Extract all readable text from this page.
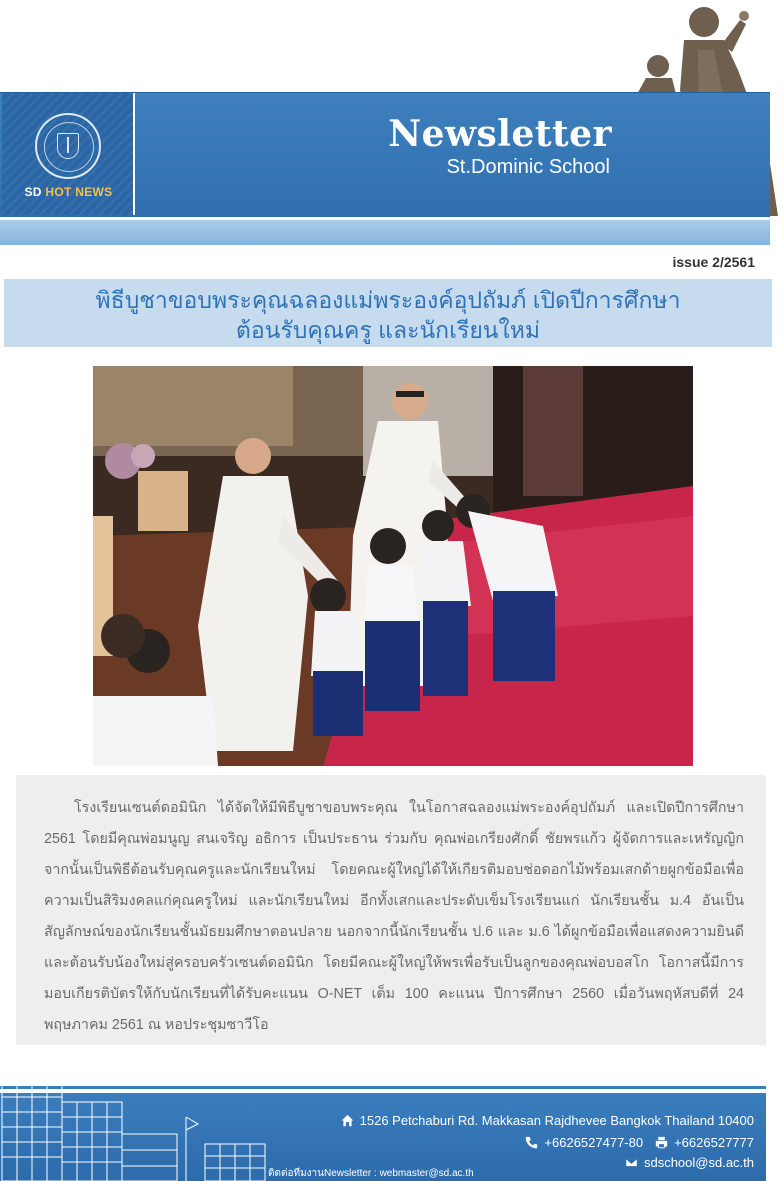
SD HOT NEWS
Newsletter
St.Dominic School
issue 2/2561
พิธีบูชาขอบพระคุณฉลองแม่พระองค์อุปถัมภ์ เปิดปีการศึกษา
ต้อนรับคุณครู และนักเรียนใหม่

โรงเรียนเซนต์ดอมินิก ได้จัดให้มีพิธีบูชาขอบพระคุณ ในโอกาสฉลองแม่พระองค์อุปถัมภ์ และเปิดปีการศึกษา 2561 โดยมีคุณพ่อมนูญ สนเจริญ อธิการ เป็นประธาน ร่วมกับ คุณพ่อเกรียงศักดิ์ ชัยพรแก้ว ผู้จัดการและเหรัญญิก จากนั้นเป็นพิธีต้อนรับคุณครูและนักเรียนใหม่ โดยคณะผู้ใหญ่ได้ให้เกียรติมอบช่อดอกไม้พร้อมเสกด้ายผูกข้อมือเพื่อความเป็นสิริมงคลแก่คุณครูใหม่ และนักเรียนใหม่ อีกทั้งเสกและประดับเข็มโรงเรียนแก่ นักเรียนชั้น ม.4 อันเป็นสัญลักษณ์ของนักเรียนชั้นมัธยมศึกษาตอนปลาย นอกจากนี้นักเรียนชั้น ป.6 และ ม.6 ได้ผูกข้อมือเพื่อแสดงความยินดีและต้อนรับน้องใหม่สู่ครอบครัวเซนต์ดอมินิก โดยมีคณะผู้ใหญ่ให้พรเพื่อรับเป็นลูกของคุณพ่อบอสโก โอกาสนี้มีการมอบเกียรติบัตรให้กับนักเรียนที่ได้รับคะแนน O-NET เต็ม 100 คะแนน ปีการศึกษา 2560 เมื่อวันพฤหัสบดีที่ 24 พฤษภาคม 2561 ณ หอประชุมซาวีโอ

1526 Petchaburi Rd. Makkasan Rajdhevee Bangkok Thailand 10400
+6626527477-80 +6626527777
sdschool@sd.ac.th
ติดต่อทีมงานNewsletter : webmaster@sd.ac.th
